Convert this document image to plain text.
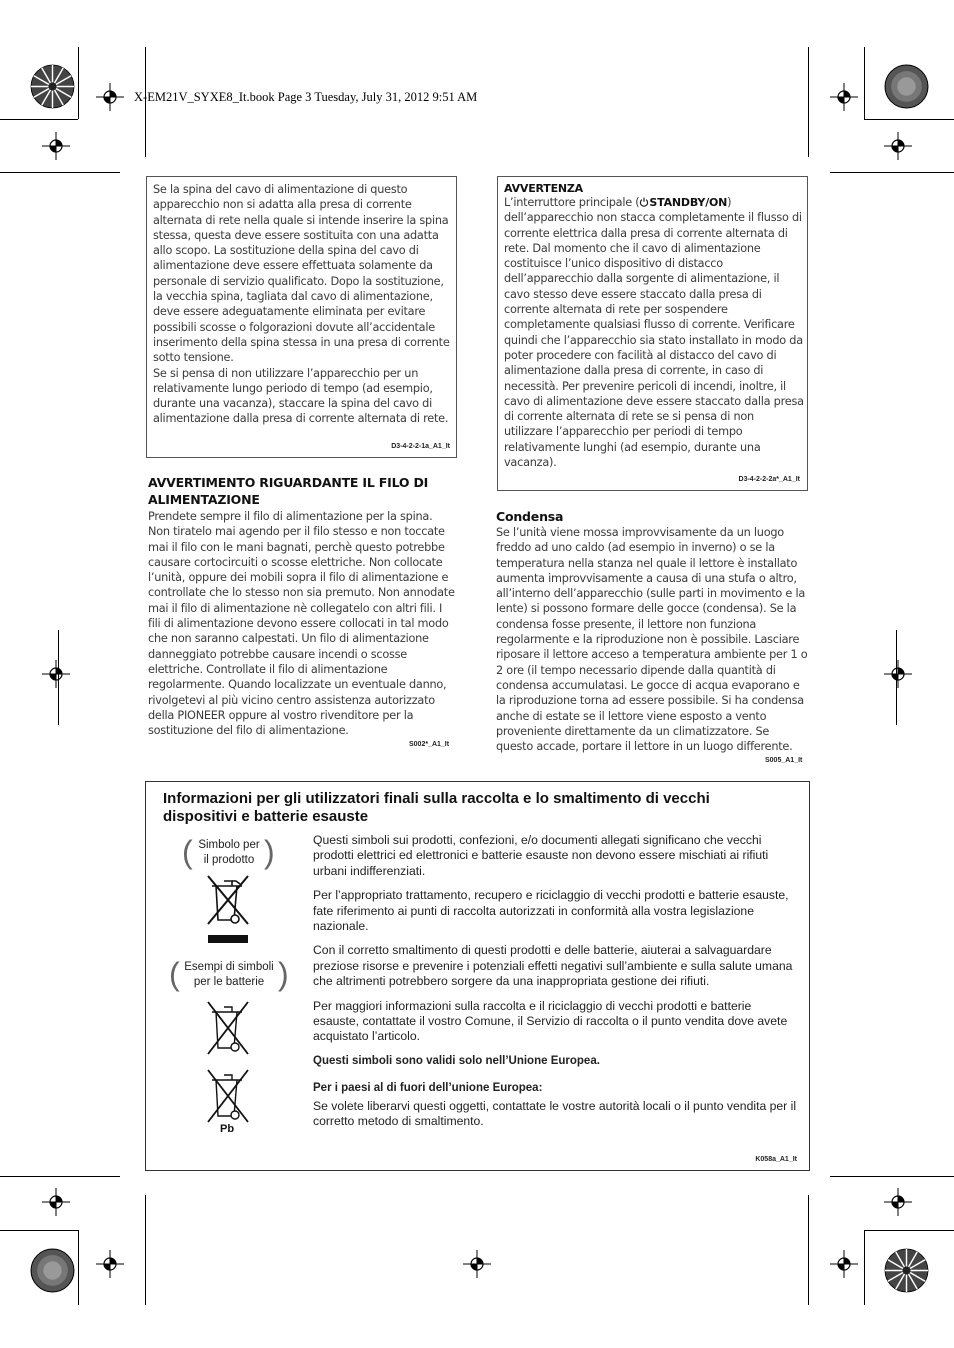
X-EM21V_SYXE8_It.book Page 3 Tuesday, July 31, 2012 9:51 AM

Se la spina del cavo di alimentazione di questo apparecchio non si adatta alla presa di corrente alternata di rete nella quale si intende inserire la spina stessa, questa deve essere sostituita con una adatta allo scopo. La sostituzione della spina del cavo di alimentazione deve essere effettuata solamente da personale di servizio qualificato. Dopo la sostituzione, la vecchia spina, tagliata dal cavo di alimentazione, deve essere adeguatamente eliminata per evitare possibili scosse o folgorazioni dovute all’accidentale inserimento della spina stessa in una presa di corrente sotto tensione.

Se si pensa di non utilizzare l’apparecchio per un relativamente lungo periodo di tempo (ad esempio, durante una vacanza), staccare la spina del cavo di alimentazione dalla presa di corrente alternata di rete.

D3-4-2-2-1a_A1_It
AVVERTIMENTO RIGUARDANTE IL FILO DI ALIMENTAZIONE
Prendete sempre il filo di alimentazione per la spina. Non tiratelo mai agendo per il filo stesso e non toccate mai il filo con le mani bagnati, perchè questo potrebbe causare cortocircuiti o scosse elettriche. Non collocate l’unità, oppure dei mobili sopra il filo di alimentazione e controllate che lo stesso non sia premuto. Non annodate mai il filo di alimentazione nè collegatelo con altri fili. I fili di alimentazione devono essere collocati in tal modo che non saranno calpestati. Un filo di alimentazione danneggiato potrebbe causare incendi o scosse elettriche. Controllate il filo di alimentazione regolarmente. Quando localizzate un eventuale danno, rivolgetevi al più vicino centro assistenza autorizzato della PIONEER oppure al vostro rivenditore per la sostituzione del filo di alimentazione.
S002*_A1_It
AVVERTENZA
L’interruttore principale ( STANDBY/ON)
dell’apparecchio non stacca completamente il flusso di corrente elettrica dalla presa di corrente alternata di rete. Dal momento che il cavo di alimentazione costituisce l’unico dispositivo di distacco dell’apparecchio dalla sorgente di alimentazione, il cavo stesso deve essere staccato dalla presa di corrente alternata di rete per sospendere completamente qualsiasi flusso di corrente. Verificare quindi che l’apparecchio sia stato installato in modo da poter procedere con facilità al distacco del cavo di alimentazione dalla presa di corrente, in caso di necessità. Per prevenire pericoli di incendi, inoltre, il cavo di alimentazione deve essere staccato dalla presa di corrente alternata di rete se si pensa di non utilizzare l’apparecchio per periodi di tempo relativamente lunghi (ad esempio, durante una vacanza).
D3-4-2-2-2a*_A1_It
Condensa
Se l’unità viene mossa improvvisamente da un luogo freddo ad uno caldo (ad esempio in inverno) o se la temperatura nella stanza nel quale il lettore è installato aumenta improvvisamente a causa di una stufa o altro, all’interno dell’apparecchio (sulle parti in movimento e la lente) si possono formare delle gocce (condensa). Se la condensa fosse presente, il lettore non funziona regolarmente e la riproduzione non è possibile. Lasciare riposare il lettore acceso a temperatura ambiente per 1 o 2 ore (il tempo necessario dipende dalla quantità di condensa accumulatasi. Le gocce di acqua evaporano e la riproduzione torna ad essere possibile. Si ha condensa anche di estate se il lettore viene esposto a vento proveniente direttamente da un climatizzatore. Se questo accade, portare il lettore in un luogo differente.
S005_A1_It
Informazioni per gli utilizzatori finali sulla raccolta e lo smaltimento di vecchi dispositivi e batterie esauste
( Simbolo per
il prodotto )
( Esempi di simboli
per le batterie )
Pb

Questi simboli sui prodotti, confezioni, e/o documenti allegati significano che vecchi prodotti elettrici ed elettronici e batterie esauste non devono essere mischiati ai rifiuti urbani indifferenziati.

Per l’appropriato trattamento, recupero e riciclaggio di vecchi prodotti e batterie esauste, fate riferimento ai punti di raccolta autorizzati in conformità alla vostra legislazione nazionale.

Con il corretto smaltimento di questi prodotti e delle batterie, aiuterai a salvaguardare preziose risorse e prevenire i potenziali effetti negativi sull’ambiente e sulla salute umana che altrimenti potrebbero sorgere da una inappropriata gestione dei rifiuti.

Per maggiori informazioni sulla raccolta e il riciclaggio di vecchi prodotti e batterie esauste, contattate il vostro Comune, il Servizio di raccolta o il punto vendita dove avete acquistato l’articolo.

Questi simboli sono validi solo nell’Unione Europea.

Per i paesi al di fuori dell’unione Europea:

Se volete liberarvi questi oggetti, contattate le vostre autorità locali o il punto vendita per il corretto metodo di smaltimento.

K058a_A1_It
